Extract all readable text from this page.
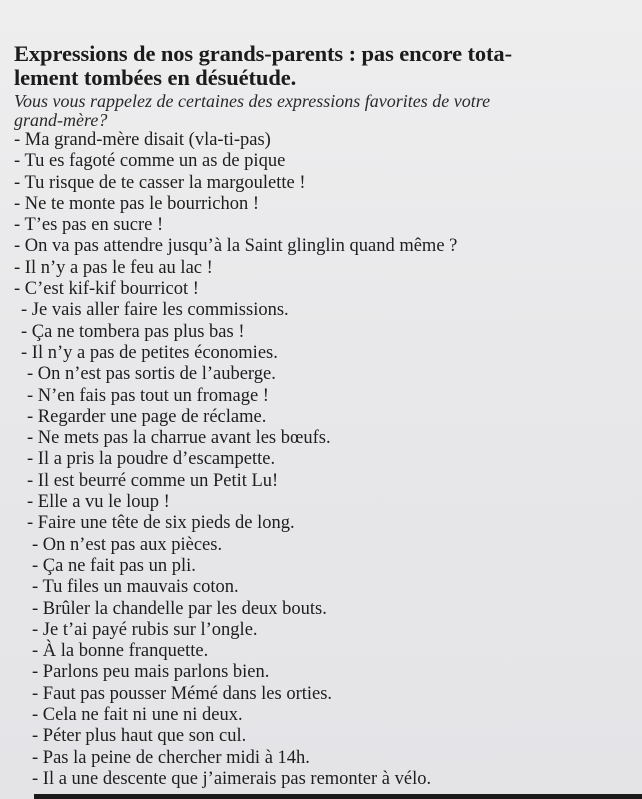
Expressions de nos grands-parents : pas encore tota-
lement tombées en désuétude.

Vous vous rappelez de certaines des expressions favorites de votre
grand-mère?

- Ma grand-mère disait (vla-ti-pas)
- Tu es fagoté comme un as de pique
- Tu risque de te casser la margoulette !
- Ne te monte pas le bourrichon !
- T’es pas en sucre !
- On va pas attendre jusqu’à la Saint glinglin quand même ?
- Il n’y a pas le feu au lac !
- C’est kif-kif bourricot !
- Je vais aller faire les commissions.
- Ça ne tombera pas plus bas !
- Il n’y a pas de petites économies.
- On n’est pas sortis de l’auberge.
- N’en fais pas tout un fromage !
- Regarder une page de réclame.
- Ne mets pas la charrue avant les bœufs.
- Il a pris la poudre d’escampette.
- Il est beurré comme un Petit Lu!
- Elle a vu le loup !
- Faire une tête de six pieds de long.
- On n’est pas aux pièces.
- Ça ne fait pas un pli.
- Tu files un mauvais coton.
- Brûler la chandelle par les deux bouts.
- Je t’ai payé rubis sur l’ongle.
- À la bonne franquette.
- Parlons peu mais parlons bien.
- Faut pas pousser Mémé dans les orties.
- Cela ne fait ni une ni deux.
- Péter plus haut que son cul.
- Pas la peine de chercher midi à 14h.
- Il a une descente que j’aimerais pas remonter à vélo.
